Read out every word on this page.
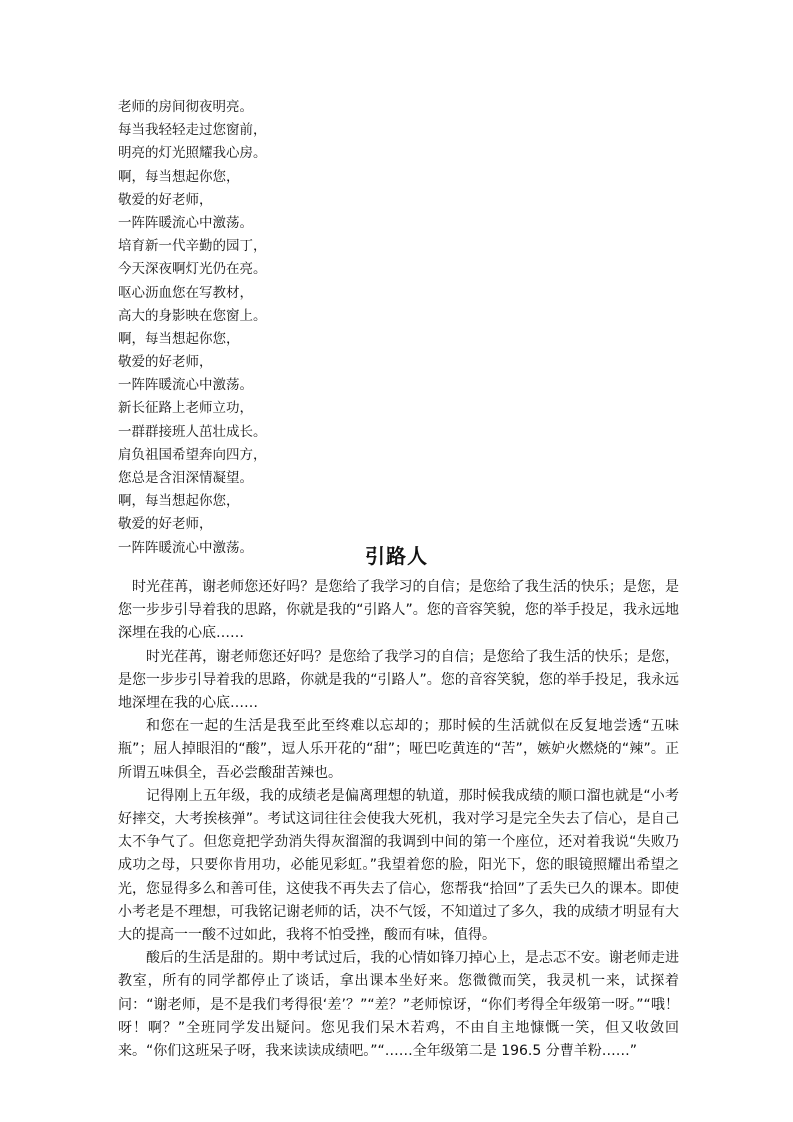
老师的房间彻夜明亮。
每当我轻轻走过您窗前，
明亮的灯光照耀我心房。
啊，每当想起你您，
敬爱的好老师，
一阵阵暖流心中激荡。
培育新一代辛勤的园丁，
今天深夜啊灯光仍在亮。
呕心沥血您在写教材，
高大的身影映在您窗上。
啊，每当想起你您，
敬爱的好老师，
一阵阵暖流心中激荡。
新长征路上老师立功，
一群群接班人茁壮成长。
肩负祖国希望奔向四方，
您总是含泪深情凝望。
啊，每当想起你您，
敬爱的好老师，
一阵阵暖流心中激荡。	引路人

时光荏苒，谢老师您还好吗？是您给了我学习的自信；是您给了我生活的快乐；是您，是您一步步引导着我的思路，你就是我的“引路人”。您的音容笑貌，您的举手投足，我永远地深埋在我的心底……

时光荏苒，谢老师您还好吗？是您给了我学习的自信；是您给了我生活的快乐；是您，是您一步步引导着我的思路，你就是我的“引路人”。您的音容笑貌，您的举手投足，我永远地深埋在我的心底……

和您在一起的生活是我至此至终难以忘却的；那时候的生活就似在反复地尝透“五味瓶”；屈人掉眼泪的“酸”，逗人乐开花的“甜”；哑巴吃黄连的“苦”，嫉妒火燃烧的“辣”。正所谓五味俱全，吾必尝酸甜苦辣也。

记得刚上五年级，我的成绩老是偏离理想的轨道，那时候我成绩的顺口溜也就是“小考好摔交，大考挨核弹”。考试这词往往会使我大死机，我对学习是完全失去了信心，是自己太不争气了。但您竟把学劲消失得灰溜溜的我调到中间的第一个座位，还对着我说“失败乃成功之母，只要你肯用功，必能见彩虹。”我望着您的脸，阳光下，您的眼镜照耀出希望之光，您显得多么和善可佳，这使我不再失去了信心，您帮我“拾回”了丢失已久的课本。即使小考老是不理想，可我铭记谢老师的话，决不气馁，不知道过了多久，我的成绩才明显有大大的提高一一酸不过如此，我将不怕受挫，酸而有味，值得。

酸后的生活是甜的。期中考试过后，我的心情如锋刀掉心上，是忐忑不安。谢老师走进教室，所有的同学都停止了谈话，拿出课本坐好来。您微微而笑，我灵机一来，试探着问：“谢老师，是不是我们考得很‘差’？”“差？”老师惊讶，“你们考得全年级第一呀。”“哦！呀！啊？”全班同学发出疑问。您见我们呆木若鸡，不由自主地慷慨一笑，但又收敛回来。“你们这班呆子呀，我来读读成绩吧。”“……全年级第二是 196.5 分曹羊粉……”
